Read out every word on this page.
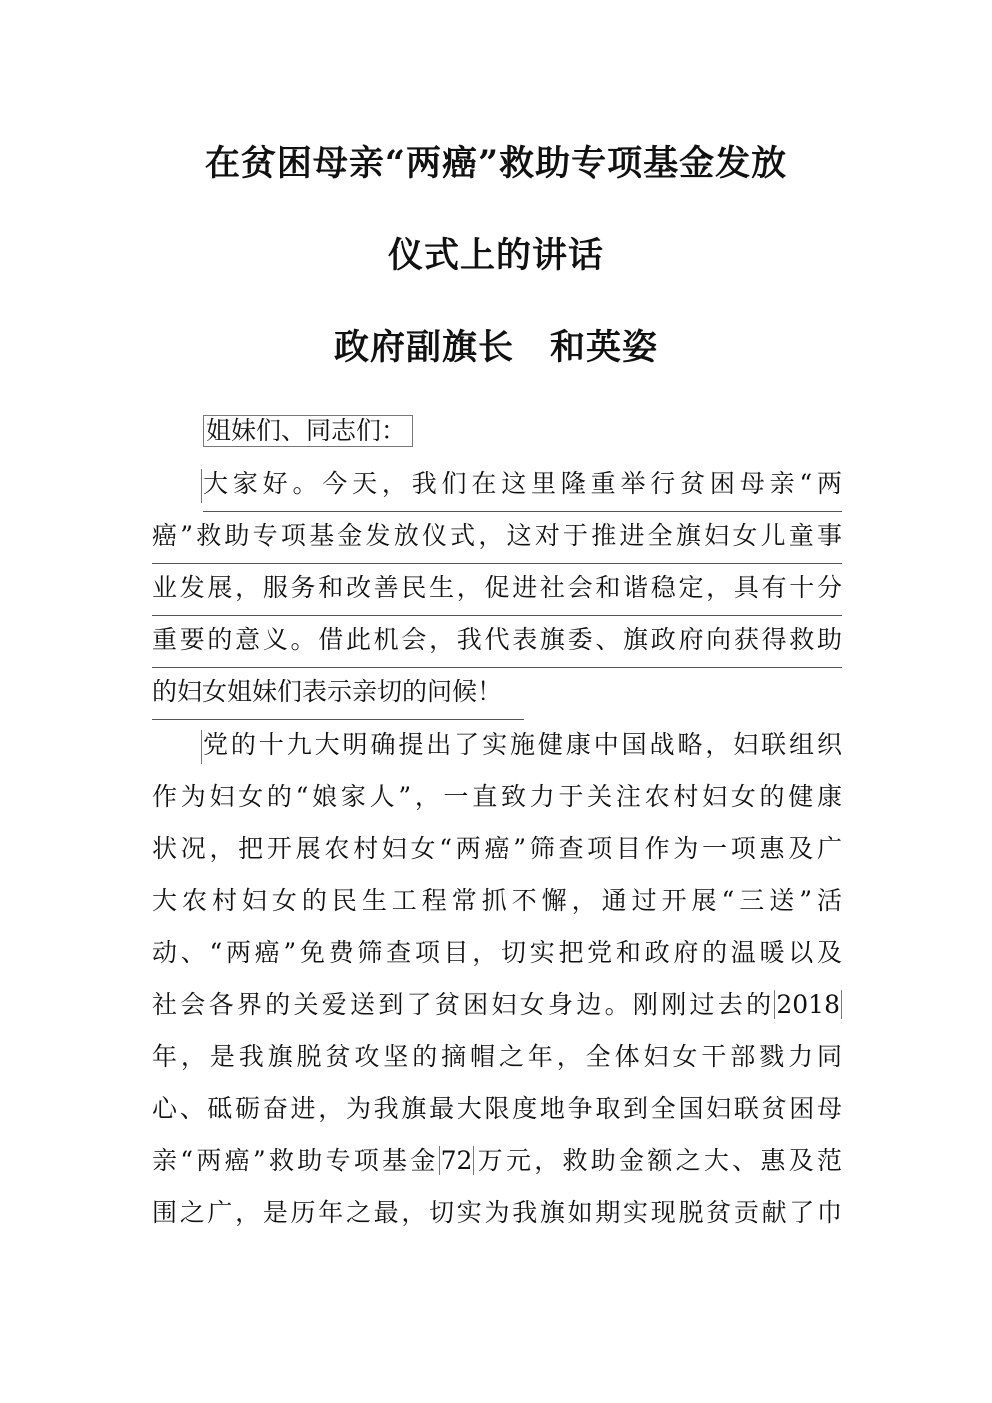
在贫困母亲“两癌”救助专项基金发放
仪式上的讲话
政府副旗长　和英姿
姐妹们、同志们：
大家好。今天，我们在这里隆重举行贫困母亲“两
癌”救助专项基金发放仪式，这对于推进全旗妇女儿童事
业发展，服务和改善民生，促进社会和谐稳定，具有十分
重要的意义。借此机会，我代表旗委、旗政府向获得救助
的妇女姐妹们表示亲切的问候！
党的十九大明确提出了实施健康中国战略，妇联组织
作为妇女的“娘家人”，一直致力于关注农村妇女的健康
状况，把开展农村妇女“两癌”筛查项目作为一项惠及广
大农村妇女的民生工程常抓不懈，通过开展“三送”活
动、“两癌”免费筛查项目，切实把党和政府的温暖以及
社会各界的关爱送到了贫困妇女身边。刚刚过去的2018
年，是我旗脱贫攻坚的摘帽之年，全体妇女干部戮力同
心、砥砺奋进，为我旗最大限度地争取到全国妇联贫困母
亲“两癌”救助专项基金72万元，救助金额之大、惠及范
围之广，是历年之最，切实为我旗如期实现脱贫贡献了巾
